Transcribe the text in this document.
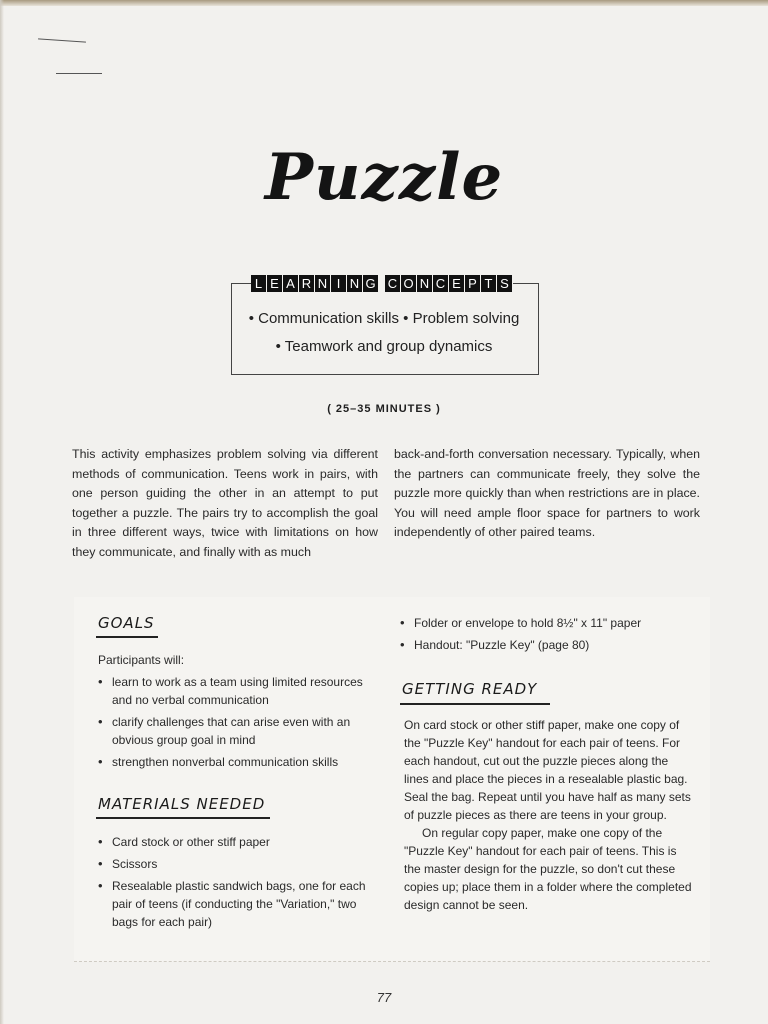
Puzzle
L E A R N I N G C O N C E P T S
• Communication skills • Problem solving
• Teamwork and group dynamics
( 25–35 MINUTES )
This activity emphasizes problem solving via different methods of communication. Teens work in pairs, with one person guiding the other in an attempt to put together a puzzle. The pairs try to accomplish the goal in three different ways, twice with limitations on how they communicate, and finally with as much
back-and-forth conversation necessary. Typically, when the partners can communicate freely, they solve the puzzle more quickly than when restrictions are in place. You will need ample floor space for partners to work independently of other paired teams.
GOALS

Participants will:

• learn to work as a team using limited resources and no verbal communication
• clarify challenges that can arise even with an obvious group goal in mind
• strengthen nonverbal communication skills
MATERIALS NEEDED
• Card stock or other stiff paper
• Scissors
• Resealable plastic sandwich bags, one for each pair of teens (if conducting the "Variation," two bags for each pair)
• Folder or envelope to hold 8½" x 11" paper
• Handout: "Puzzle Key" (page 80)
GETTING READY

On card stock or other stiff paper, make one copy of the "Puzzle Key" handout for each pair of teens. For each handout, cut out the puzzle pieces along the lines and place the pieces in a resealable plastic bag. Seal the bag. Repeat until you have half as many sets of puzzle pieces as there are teens in your group.

On regular copy paper, make one copy of the "Puzzle Key" handout for each pair of teens. This is the master design for the puzzle, so don't cut these copies up; place them in a folder where the completed design cannot be seen.

77
